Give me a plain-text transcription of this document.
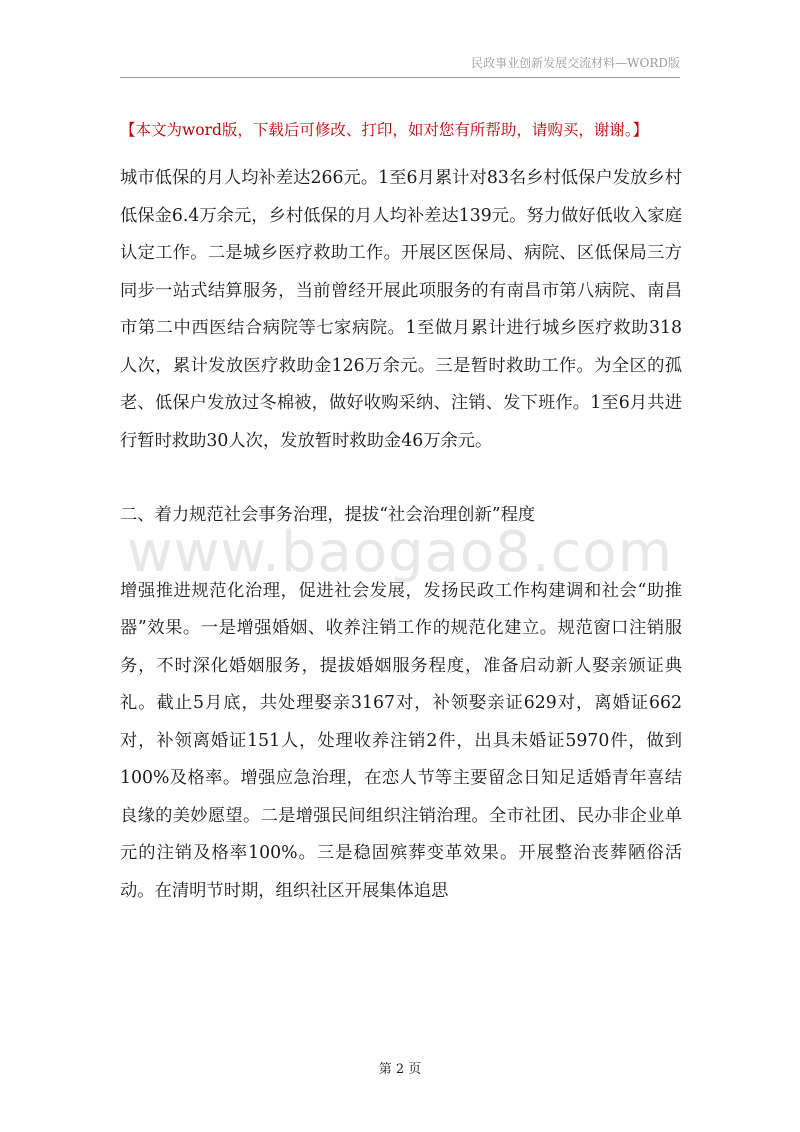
民政事业创新发展交流材料—WORD版
【本文为word版，下载后可修改、打印，如对您有所帮助，请购买，谢谢。】

城市低保的月人均补差达266元。1至6月累计对83名乡村低保户发放乡村低保金6.4万余元，乡村低保的月人均补差达139元。努力做好低收入家庭认定工作。二是城乡医疗救助工作。开展区医保局、病院、区低保局三方同步一站式结算服务，当前曾经开展此项服务的有南昌市第八病院、南昌市第二中西医结合病院等七家病院。1至做月累计进行城乡医疗救助318人次，累计发放医疗救助金126万余元。三是暂时救助工作。为全区的孤老、低保户发放过冬棉被，做好收购采纳、注销、发下班作。1至6月共进行暂时救助30人次，发放暂时救助金46万余元。

二、着力规范社会事务治理，提拔“社会治理创新”程度

增强推进规范化治理，促进社会发展，发扬民政工作构建调和社会“助推器”效果。一是增强婚姻、收养注销工作的规范化建立。规范窗口注销服务，不时深化婚姻服务，提拔婚姻服务程度，准备启动新人娶亲颁证典礼。截止5月底，共处理娶亲3167对，补领娶亲证629对，离婚证662对，补领离婚证151人，处理收养注销2件，出具未婚证5970件，做到100%及格率。增强应急治理，在恋人节等主要留念日知足适婚青年喜结良缘的美妙愿望。二是增强民间组织注销治理。全市社团、民办非企业单元的注销及格率100%。三是稳固殡葬变革效果。开展整治丧葬陋俗活动。在清明节时期，组织社区开展集体追思

www.baogao8.com
第 2 页
